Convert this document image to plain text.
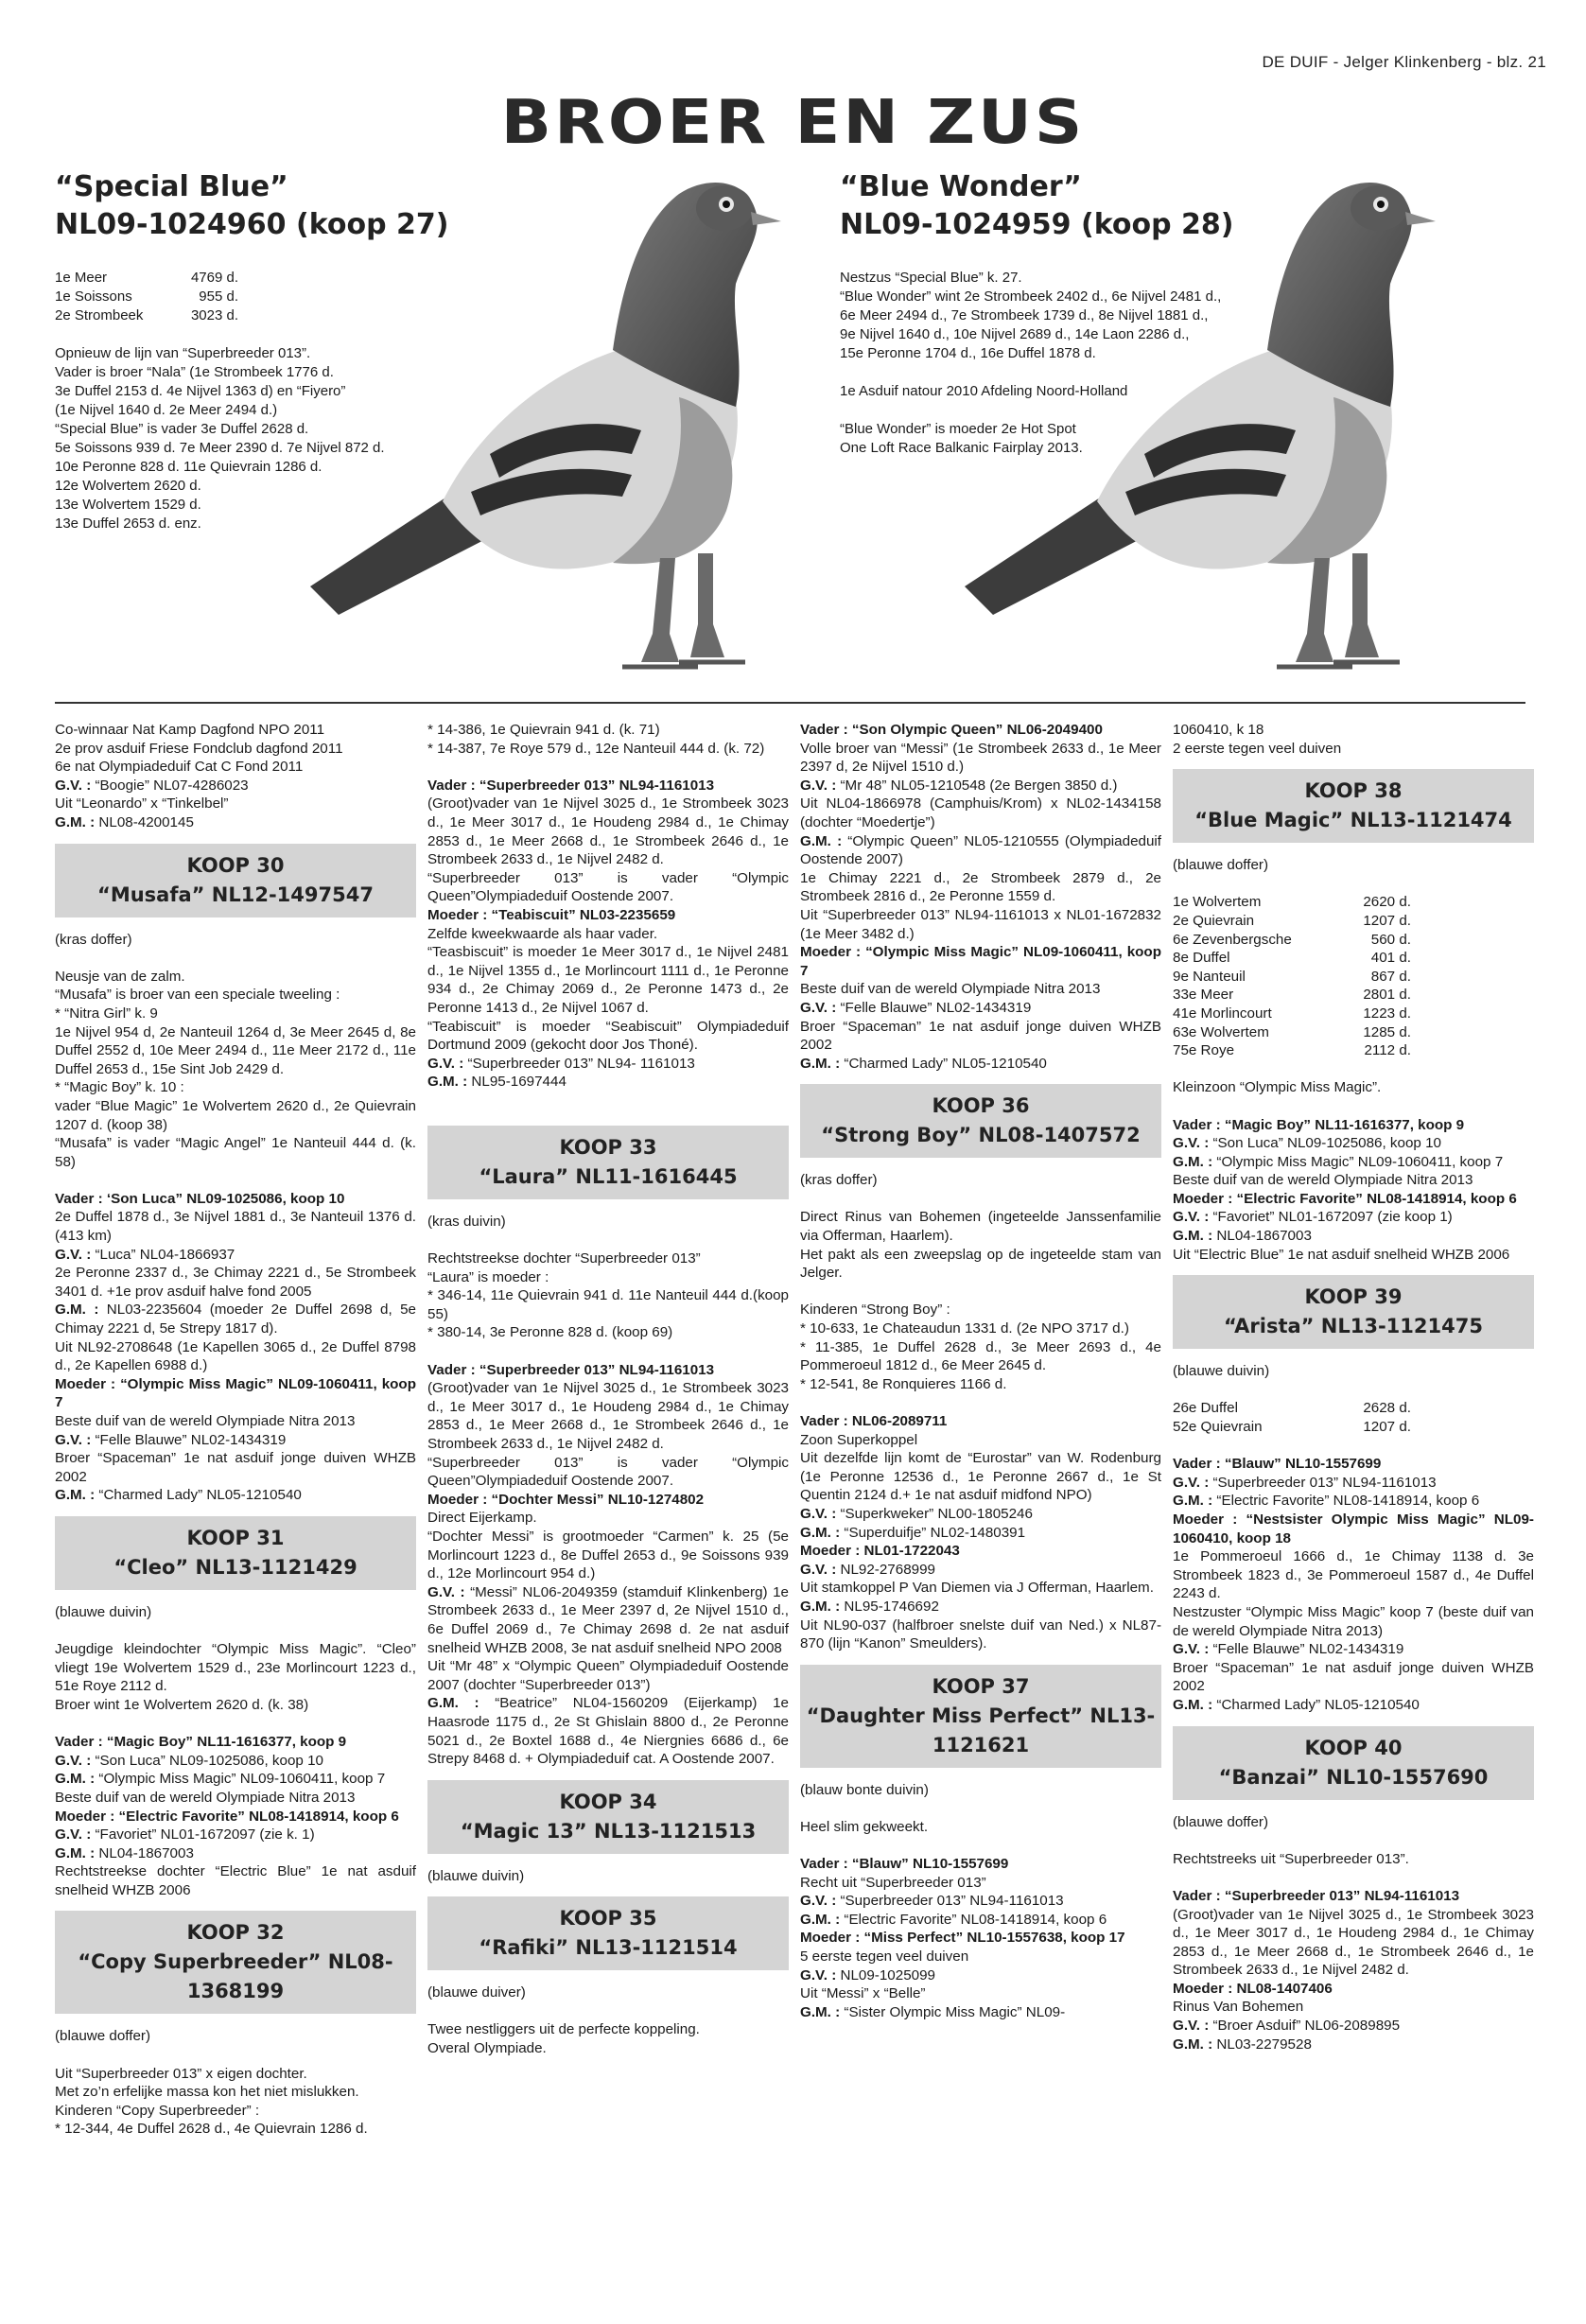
DE DUIF - Jelger Klinkenberg - blz. 21
BROER EN ZUS
“Special Blue”
NL09-1024960 (koop 27)
1e Meer	4769 d.
1e Soissons	955 d.
2e Strombeek	3023 d.

Opnieuw de lijn van “Superbreeder 013”.

Vader is broer “Nala” (1e Strombeek 1776 d.

3e Duffel 2153 d. 4e Nijvel 1363 d) en “Fiyero”

(1e Nijvel 1640 d. 2e Meer 2494 d.)

“Special Blue” is vader 3e Duffel 2628 d.

5e Soissons 939 d. 7e Meer 2390 d. 7e Nijvel 872 d.

10e Peronne 828 d. 11e Quievrain 1286 d.

12e Wolvertem 2620 d.

13e Wolvertem 1529 d.

13e Duffel 2653 d. enz.

“Blue Wonder”
NL09-1024959 (koop 28)

Nestzus “Special Blue” k. 27.

“Blue Wonder” wint 2e Strombeek 2402 d., 6e Nijvel 2481 d.,

6e Meer 2494 d., 7e Strombeek 1739 d., 8e Nijvel 1881 d.,

9e Nijvel 1640 d., 10e Nijvel 2689 d., 14e Laon 2286 d.,

15e Peronne 1704 d., 16e Duffel 1878 d.

1e Asduif natour 2010 Afdeling Noord-Holland

“Blue Wonder” is moeder 2e Hot Spot

One Loft Race Balkanic Fairplay 2013.

Co-winnaar Nat Kamp Dagfond NPO 2011

2e prov asduif Friese Fondclub dagfond 2011

6e nat Olympiadeduif Cat C Fond 2011

G.V. : “Boogie” NL07-4286023

Uit “Leonardo” x “Tinkelbel”

G.M. : NL08-4200145

KOOP 30
“Musafa” NL12-1497547

(kras doffer)

Neusje van de zalm.

“Musafa” is broer van een speciale tweeling :

* “Nitra Girl” k. 9

1e Nijvel 954 d, 2e Nanteuil 1264 d, 3e Meer 2645 d, 8e Duffel 2552 d, 10e Meer 2494 d., 11e Meer 2172 d., 11e Duffel 2653 d., 15e Sint Job 2429 d.

* “Magic Boy” k. 10 :

vader “Blue Magic” 1e Wolvertem 2620 d., 2e Quievrain 1207 d. (koop 38)

“Musafa” is vader “Magic Angel” 1e Nanteuil 444 d. (k. 58)

Vader : ‘Son Luca” NL09-1025086, koop 10

2e Duffel 1878 d., 3e Nijvel 1881 d., 3e Nanteuil 1376 d. (413 km)

G.V. : “Luca” NL04-1866937

2e Peronne 2337 d., 3e Chimay 2221 d., 5e Strombeek 3401 d. +1e prov asduif halve fond 2005

G.M. : NL03-2235604 (moeder 2e Duffel 2698 d, 5e Chimay 2221 d, 5e Strepy 1817 d).

Uit NL92-2708648 (1e Kapellen 3065 d., 2e Duffel 8798 d., 2e Kapellen 6988 d.)

Moeder : “Olympic Miss Magic” NL09-1060411, koop 7

Beste duif van de wereld Olympiade Nitra 2013

G.V. : “Felle Blauwe” NL02-1434319

Broer “Spaceman” 1e nat asduif jonge duiven WHZB 2002

G.M. : “Charmed Lady” NL05-1210540

KOOP 31
“Cleo” NL13-1121429

(blauwe duivin)

Jeugdige kleindochter “Olympic Miss Magic”. “Cleo” vliegt 19e Wolvertem 1529 d., 23e Morlincourt 1223 d., 51e Roye 2112 d.

Broer wint 1e Wolvertem 2620 d. (k. 38)

Vader : “Magic Boy” NL11-1616377, koop 9

G.V. : “Son Luca” NL09-1025086, koop 10

G.M. : “Olympic Miss Magic” NL09-1060411, koop 7

Beste duif van de wereld Olympiade Nitra 2013

Moeder : “Electric Favorite” NL08-1418914, koop 6

G.V. : “Favoriet” NL01-1672097 (zie k. 1)

G.M. : NL04-1867003

Rechtstreekse dochter “Electric Blue” 1e nat asduif snelheid WHZB 2006

KOOP 32
“Copy Superbreeder” NL08-1368199

(blauwe doffer)

Uit “Superbreeder 013” x eigen dochter.

Met zo’n erfelijke massa kon het niet mislukken.

Kinderen “Copy Superbreeder” :

* 12-344, 4e Duffel 2628 d., 4e Quievrain 1286 d.

* 14-386, 1e Quievrain 941 d. (k. 71)

* 14-387, 7e Roye 579 d., 12e Nanteuil 444 d. (k. 72)

Vader : “Superbreeder 013” NL94-1161013

(Groot)vader van 1e Nijvel 3025 d., 1e Strombeek 3023 d., 1e Meer 3017 d., 1e Houdeng 2984 d., 1e Chimay 2853 d., 1e Meer 2668 d., 1e Strombeek 2646 d., 1e Strombeek 2633 d., 1e Nijvel 2482 d.

“Superbreeder 013” is vader “Olympic Queen”Olympiadeduif Oostende 2007.

Moeder : “Teabiscuit” NL03-2235659

Zelfde kweekwaarde als haar vader.

“Teasbiscuit” is moeder 1e Meer 3017 d., 1e Nijvel 2481 d., 1e Nijvel 1355 d., 1e Morlincourt 1111 d., 1e Peronne 934 d., 2e Chimay 2069 d., 2e Peronne 1473 d., 2e Peronne 1413 d., 2e Nijvel 1067 d.

“Teabiscuit” is moeder “Seabiscuit” Olympiadeduif Dortmund 2009 (gekocht door Jos Thoné).

G.V. : “Superbreeder 013” NL94- 1161013

G.M. : NL95-1697444

KOOP 33
“Laura” NL11-1616445

(kras duivin)

Rechtstreekse dochter “Superbreeder 013”

“Laura” is moeder :

* 346-14, 11e Quievrain 941 d. 11e Nanteuil 444 d.(koop 55)

* 380-14, 3e Peronne 828 d. (koop 69)

Vader : “Superbreeder 013” NL94-1161013

(Groot)vader van 1e Nijvel 3025 d., 1e Strombeek 3023 d., 1e Meer 3017 d., 1e Houdeng 2984 d., 1e Chimay 2853 d., 1e Meer 2668 d., 1e Strombeek 2646 d., 1e Strombeek 2633 d., 1e Nijvel 2482 d.

“Superbreeder 013” is vader “Olympic Queen”Olympiadeduif Oostende 2007.

Moeder : “Dochter Messi” NL10-1274802

Direct Eijerkamp.

“Dochter Messi” is grootmoeder “Carmen” k. 25 (5e Morlincourt 1223 d., 8e Duffel 2653 d., 9e Soissons 939 d., 12e Morlincourt 954 d.)

G.V. : “Messi” NL06-2049359 (stamduif Klinkenberg) 1e Strombeek 2633 d., 1e Meer 2397 d, 2e Nijvel 1510 d., 6e Duffel 2069 d., 7e Chimay 2698 d. 2e nat asduif snelheid WHZB 2008, 3e nat asduif snelheid NPO 2008

Uit “Mr 48” x “Olympic Queen” Olympiadeduif Oostende 2007 (dochter “Superbreeder 013”)

G.M. : “Beatrice” NL04-1560209 (Eijerkamp) 1e Haasrode 1175 d., 2e St Ghislain 8800 d., 2e Peronne 5021 d., 2e Boxtel 1688 d., 4e Niergnies 6686 d., 6e Strepy 8468 d. + Olympiadeduif cat. A Oostende 2007.

KOOP 34
“Magic 13” NL13-1121513

(blauwe duivin)

KOOP 35
“Rafiki” NL13-1121514

(blauwe duiver)

Twee nestliggers uit de perfecte koppeling.

Overal Olympiade.

Vader : “Son Olympic Queen” NL06-2049400

Volle broer van “Messi” (1e Strombeek 2633 d., 1e Meer 2397 d, 2e Nijvel 1510 d.)

G.V. : “Mr 48” NL05-1210548 (2e Bergen 3850 d.)

Uit NL04-1866978 (Camphuis/Krom) x NL02-1434158 (dochter “Moedertje”)

G.M. : “Olympic Queen” NL05-1210555 (Olympiadeduif Oostende 2007)

1e Chimay 2221 d., 2e Strombeek 2879 d., 2e Strombeek 2816 d., 2e Peronne 1559 d.

Uit “Superbreeder 013” NL94-1161013 x NL01-1672832 (1e Meer 3482 d.)

Moeder : “Olympic Miss Magic” NL09-1060411, koop 7

Beste duif van de wereld Olympiade Nitra 2013

G.V. : “Felle Blauwe” NL02-1434319

Broer “Spaceman” 1e nat asduif jonge duiven WHZB 2002

G.M. : “Charmed Lady” NL05-1210540

KOOP 36
“Strong Boy” NL08-1407572

(kras doffer)

Direct Rinus van Bohemen (ingeteelde Janssenfamilie via Offerman, Haarlem).

Het pakt als een zweepslag op de ingeteelde stam van Jelger.

Kinderen “Strong Boy” :

* 10-633, 1e Chateaudun 1331 d. (2e NPO 3717 d.)

* 11-385, 1e Duffel 2628 d., 3e Meer 2693 d., 4e Pommeroeul 1812 d., 6e Meer 2645 d.

* 12-541, 8e Ronquieres 1166 d.

Vader : NL06-2089711

Zoon Superkoppel

Uit dezelfde lijn komt de “Eurostar” van W. Rodenburg (1e Peronne 12536 d., 1e Peronne 2667 d., 1e St Quentin 2124 d.+ 1e nat asduif midfond NPO)

G.V. : “Superkweker” NL00-1805246

G.M. : “Superduifje” NL02-1480391

Moeder : NL01-1722043

G.V. : NL92-2768999

Uit stamkoppel P Van Diemen via J Offerman, Haarlem.

G.M. : NL95-1746692

Uit NL90-037 (halfbroer snelste duif van Ned.) x NL87-870 (lijn “Kanon” Smeulders).

KOOP 37
“Daughter Miss Perfect” NL13-1121621

(blauw bonte duivin)

Heel slim gekweekt.

Vader : “Blauw” NL10-1557699

Recht uit “Superbreeder 013”

G.V. : “Superbreeder 013” NL94-1161013

G.M. : “Electric Favorite” NL08-1418914, koop 6

Moeder : “Miss Perfect” NL10-1557638, koop 17

5 eerste tegen veel duiven

G.V. : NL09-1025099

Uit “Messi” x “Belle”

G.M. : “Sister Olympic Miss Magic” NL09-

1060410, k 18

2 eerste tegen veel duiven

KOOP 38
“Blue Magic” NL13-1121474

(blauwe doffer)

1e Wolvertem	2620 d.
2e Quievrain	1207 d.
6e Zevenbergsche	560 d.
8e Duffel	401 d.
9e Nanteuil	867 d.
33e Meer	2801 d.
41e Morlincourt	1223 d.
63e Wolvertem	1285 d.
75e Roye	2112 d.

Kleinzoon “Olympic Miss Magic”.

Vader : “Magic Boy” NL11-1616377, koop 9

G.V. : “Son Luca” NL09-1025086, koop 10

G.M. : “Olympic Miss Magic” NL09-1060411, koop 7

Beste duif van de wereld Olympiade Nitra 2013

Moeder : “Electric Favorite” NL08-1418914, koop 6

G.V. : “Favoriet” NL01-1672097 (zie koop 1)

G.M. : NL04-1867003

Uit “Electric Blue” 1e nat asduif snelheid WHZB 2006

KOOP 39
“Arista” NL13-1121475

(blauwe duivin)

26e Duffel	2628 d.
52e Quievrain	1207 d.

Vader : “Blauw” NL10-1557699

G.V. : “Superbreeder 013” NL94-1161013

G.M. : “Electric Favorite” NL08-1418914, koop 6

Moeder : “Nestsister Olympic Miss Magic” NL09-1060410, koop 18

1e Pommeroeul 1666 d., 1e Chimay 1138 d. 3e Strombeek 1823 d., 3e Pommeroeul 1587 d., 4e Duffel 2243 d.

Nestzuster “Olympic Miss Magic” koop 7 (beste duif van de wereld Olympiade Nitra 2013)

G.V. : “Felle Blauwe” NL02-1434319

Broer “Spaceman” 1e nat asduif jonge duiven WHZB 2002

G.M. : “Charmed Lady” NL05-1210540

KOOP 40
“Banzai” NL10-1557690

(blauwe doffer)

Rechtstreeks uit “Superbreeder 013”.

Vader : “Superbreeder 013” NL94-1161013

(Groot)vader van 1e Nijvel 3025 d., 1e Strombeek 3023 d., 1e Meer 3017 d., 1e Houdeng 2984 d., 1e Chimay 2853 d., 1e Meer 2668 d., 1e Strombeek 2646 d., 1e Strombeek 2633 d., 1e Nijvel 2482 d.

Moeder : NL08-1407406

Rinus Van Bohemen

G.V. : “Broer Asduif” NL06-2089895

G.M. : NL03-2279528
